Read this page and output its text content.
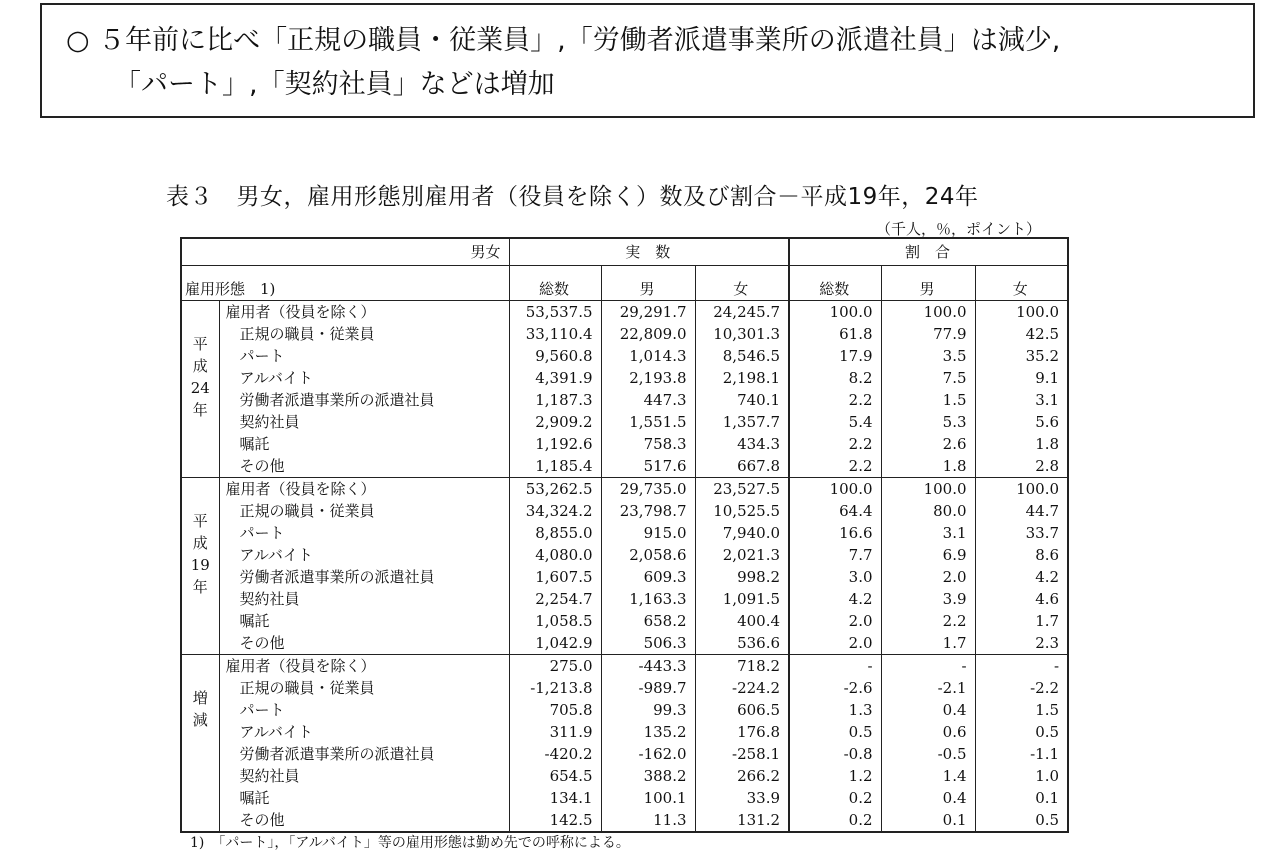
○ ５年前に比べ「正規の職員・従業員」,「労働者派遣事業所の派遣社員」は減少,
「パート」,「契約社員」などは増加
表３　男女，雇用形態別雇用者（役員を除く）数及び割合－平成19年，24年
（千人，％，ポイント）
男女		実　数			割　合		
雇用形態　1)		総数	男	女	総数	男	女

平
成
24
年	雇用者（役員を除く）	53,537.5	29,291.7	24,245.7	100.0	100.0	100.0
	正規の職員・従業員	33,110.4	22,809.0	10,301.3	61.8	77.9	42.5
	パート	9,560.8	1,014.3	8,546.5	17.9	3.5	35.2
	アルバイト	4,391.9	2,193.8	2,198.1	8.2	7.5	9.1
	労働者派遣事業所の派遣社員	1,187.3	447.3	740.1	2.2	1.5	3.1
	契約社員	2,909.2	1,551.5	1,357.7	5.4	5.3	5.6
	嘱託	1,192.6	758.3	434.3	2.2	2.6	1.8
	その他	1,185.4	517.6	667.8	2.2	1.8	2.8

平
成
19
年	雇用者（役員を除く）	53,262.5	29,735.0	23,527.5	100.0	100.0	100.0
	正規の職員・従業員	34,324.2	23,798.7	10,525.5	64.4	80.0	44.7
	パート	8,855.0	915.0	7,940.0	16.6	3.1	33.7
	アルバイト	4,080.0	2,058.6	2,021.3	7.7	6.9	8.6
	労働者派遣事業所の派遣社員	1,607.5	609.3	998.2	3.0	2.0	4.2
	契約社員	2,254.7	1,163.3	1,091.5	4.2	3.9	4.6
	嘱託	1,058.5	658.2	400.4	2.0	2.2	1.7
	その他	1,042.9	506.3	536.6	2.0	1.7	2.3

増
減	雇用者（役員を除く）	275.0	-443.3	718.2	-	-	-
	正規の職員・従業員	-1,213.8	-989.7	-224.2	-2.6	-2.1	-2.2
	パート	705.8	99.3	606.5	1.3	0.4	1.5
	アルバイト	311.9	135.2	176.8	0.5	0.6	0.5
	労働者派遣事業所の派遣社員	-420.2	-162.0	-258.1	-0.8	-0.5	-1.1
	契約社員	654.5	388.2	266.2	1.2	1.4	1.0
	嘱託	134.1	100.1	33.9	0.2	0.4	0.1
	その他	142.5	11.3	131.2	0.2	0.1	0.5
1)　「パート」，「アルバイト」等の雇用形態は勤め先での呼称による。
